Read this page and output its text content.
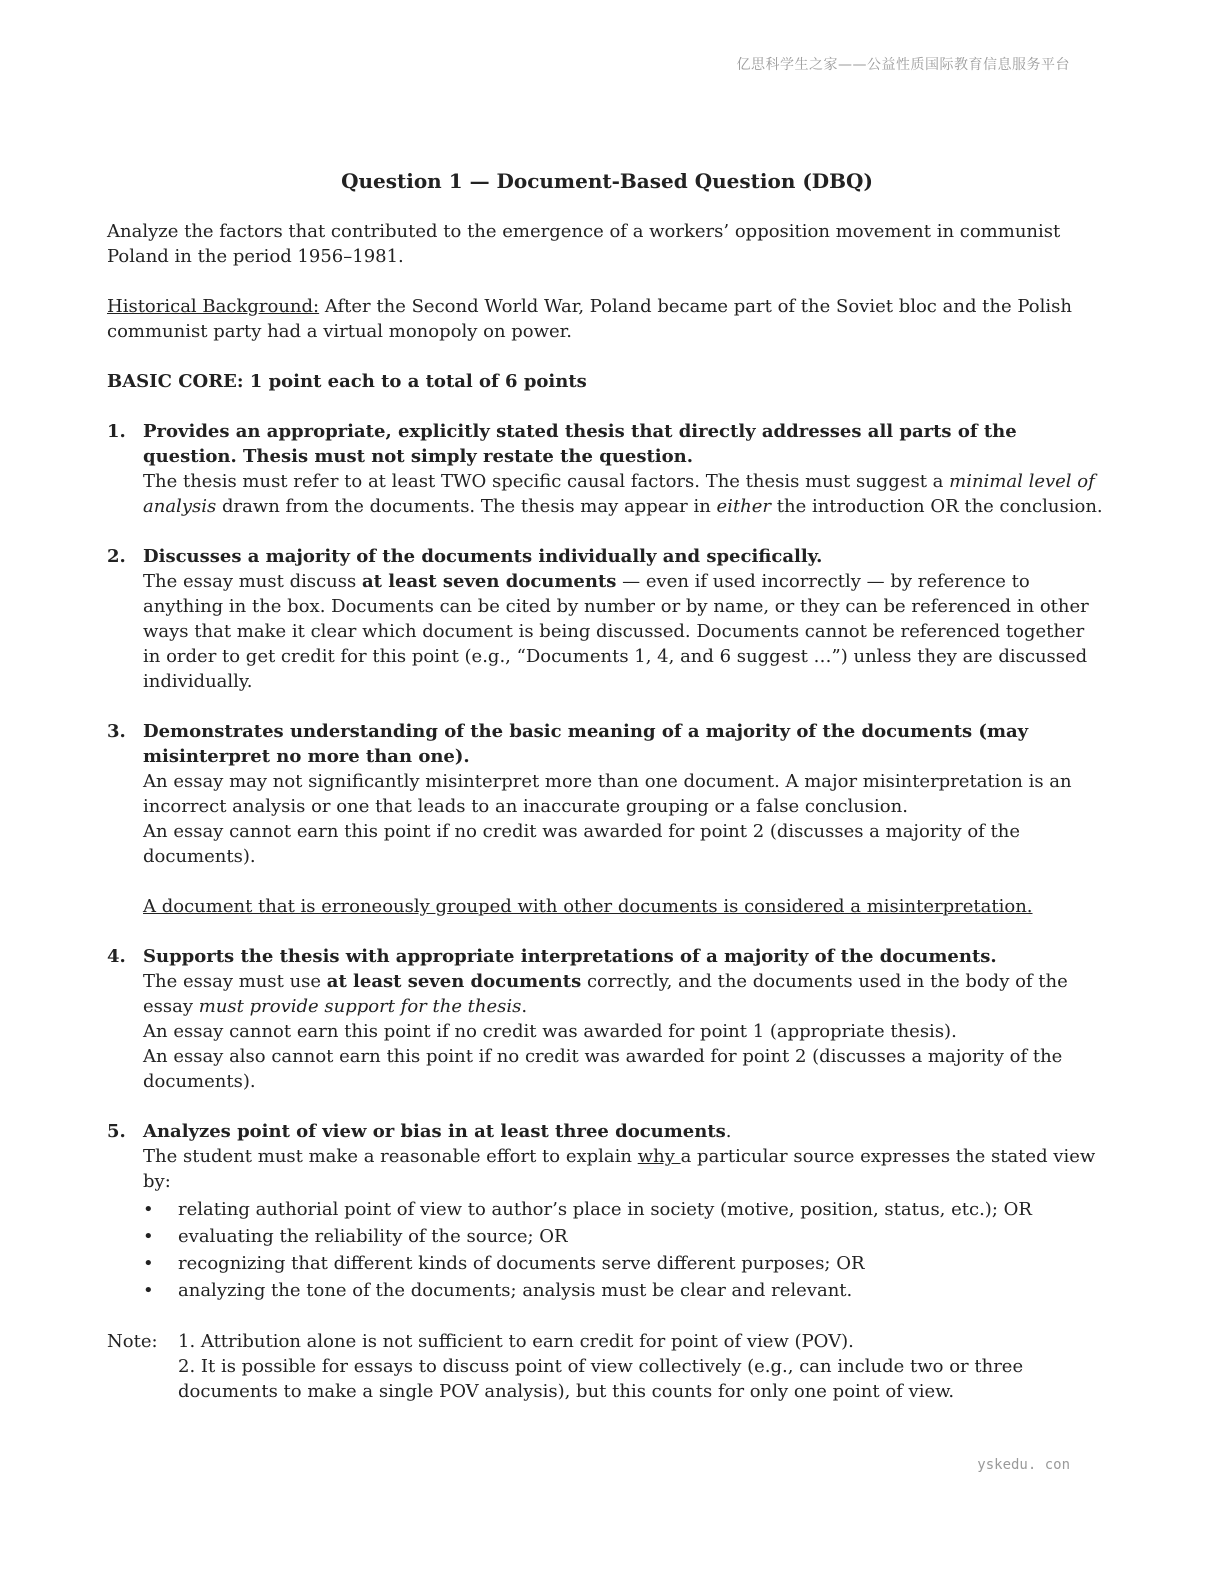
亿思科学生之家——公益性质国际教育信息服务平台

Question 1 — Document-Based Question (DBQ)

Analyze the factors that contributed to the emergence of a workers’ opposition movement in communist Poland in the period 1956–1981.

Historical Background: After the Second World War, Poland became part of the Soviet bloc and the Polish communist party had a virtual monopoly on power.

BASIC CORE: 1 point each to a total of 6 points

1. Provides an appropriate, explicitly stated thesis that directly addresses all parts of the question. Thesis must not simply restate the question.

The thesis must refer to at least TWO specific causal factors. The thesis must suggest a minimal level of analysis drawn from the documents. The thesis may appear in either the introduction OR the conclusion.

2. Discusses a majority of the documents individually and specifically.

The essay must discuss at least seven documents — even if used incorrectly — by reference to anything in the box. Documents can be cited by number or by name, or they can be referenced in other ways that make it clear which document is being discussed. Documents cannot be referenced together in order to get credit for this point (e.g., “Documents 1, 4, and 6 suggest …”) unless they are discussed individually.

3. Demonstrates understanding of the basic meaning of a majority of the documents (may misinterpret no more than one).

An essay may not significantly misinterpret more than one document. A major misinterpretation is an incorrect analysis or one that leads to an inaccurate grouping or a false conclusion.

An essay cannot earn this point if no credit was awarded for point 2 (discusses a majority of the documents).

A document that is erroneously grouped with other documents is considered a misinterpretation.

4. Supports the thesis with appropriate interpretations of a majority of the documents.

The essay must use at least seven documents correctly, and the documents used in the body of the essay must provide support for the thesis.

An essay cannot earn this point if no credit was awarded for point 1 (appropriate thesis).

An essay also cannot earn this point if no credit was awarded for point 2 (discusses a majority of the documents).

5. Analyzes point of view or bias in at least three documents.

The student must make a reasonable effort to explain why a particular source expresses the stated view by:

• relating authorial point of view to author’s place in society (motive, position, status, etc.); OR
• evaluating the reliability of the source; OR
• recognizing that different kinds of documents serve different purposes; OR
• analyzing the tone of the documents; analysis must be clear and relevant.
Note: 1. Attribution alone is not sufficient to earn credit for point of view (POV).

2. It is possible for essays to discuss point of view collectively (e.g., can include two or three documents to make a single POV analysis), but this counts for only one point of view.

yskedu. con
